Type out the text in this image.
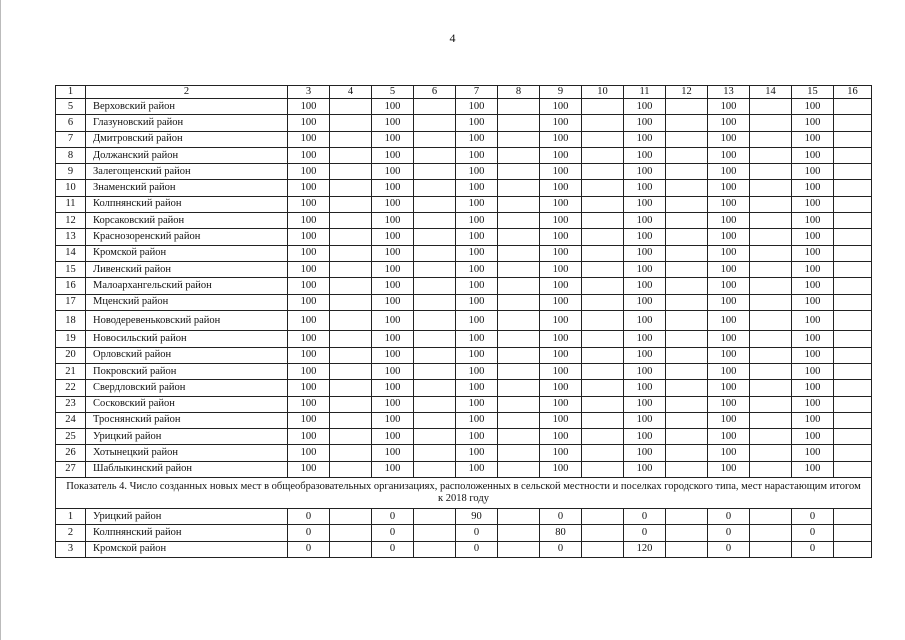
4
1	2	3	4	5	6	7	8	9	10	11	12	13	14	15	16
5	Верховский район	100		100		100		100		100		100		100	
6	Глазуновский район	100		100		100		100		100		100		100	
7	Дмитровский район	100		100		100		100		100		100		100	
8	Должанский район	100		100		100		100		100		100		100	
9	Залегощенский район	100		100		100		100		100		100		100	
10	Знаменский район	100		100		100		100		100		100		100	
11	Колпнянский район	100		100		100		100		100		100		100	
12	Корсаковский район	100		100		100		100		100		100		100	
13	Краснозоренский район	100		100		100		100		100		100		100	
14	Кромской район	100		100		100		100		100		100		100	
15	Ливенский район	100		100		100		100		100		100		100	
16	Малоархангельский район	100		100		100		100		100		100		100	
17	Мценский район	100		100		100		100		100		100		100	
18	Новодеревеньковский район	100		100		100		100		100		100		100	
19	Новосильский район	100		100		100		100		100		100		100	
20	Орловский район	100		100		100		100		100		100		100	
21	Покровский район	100		100		100		100		100		100		100	
22	Свердловский район	100		100		100		100		100		100		100	
23	Сосковский район	100		100		100		100		100		100		100	
24	Троснянский район	100		100		100		100		100		100		100	
25	Урицкий район	100		100		100		100		100		100		100	
26	Хотынецкий район	100		100		100		100		100		100		100	
27	Шаблыкинский район	100		100		100		100		100		100		100	
Показатель 4. Число созданных новых мест в общеобразовательных организациях, расположенных в сельской местности и поселках городского типа, мест нарастающим итогом к 2018 году															
1	Урицкий район	0		0		90		0		0		0		0	
2	Колпнянский район	0		0		0		80		0		0		0	
3	Кромской район	0		0		0		0		120		0		0	
